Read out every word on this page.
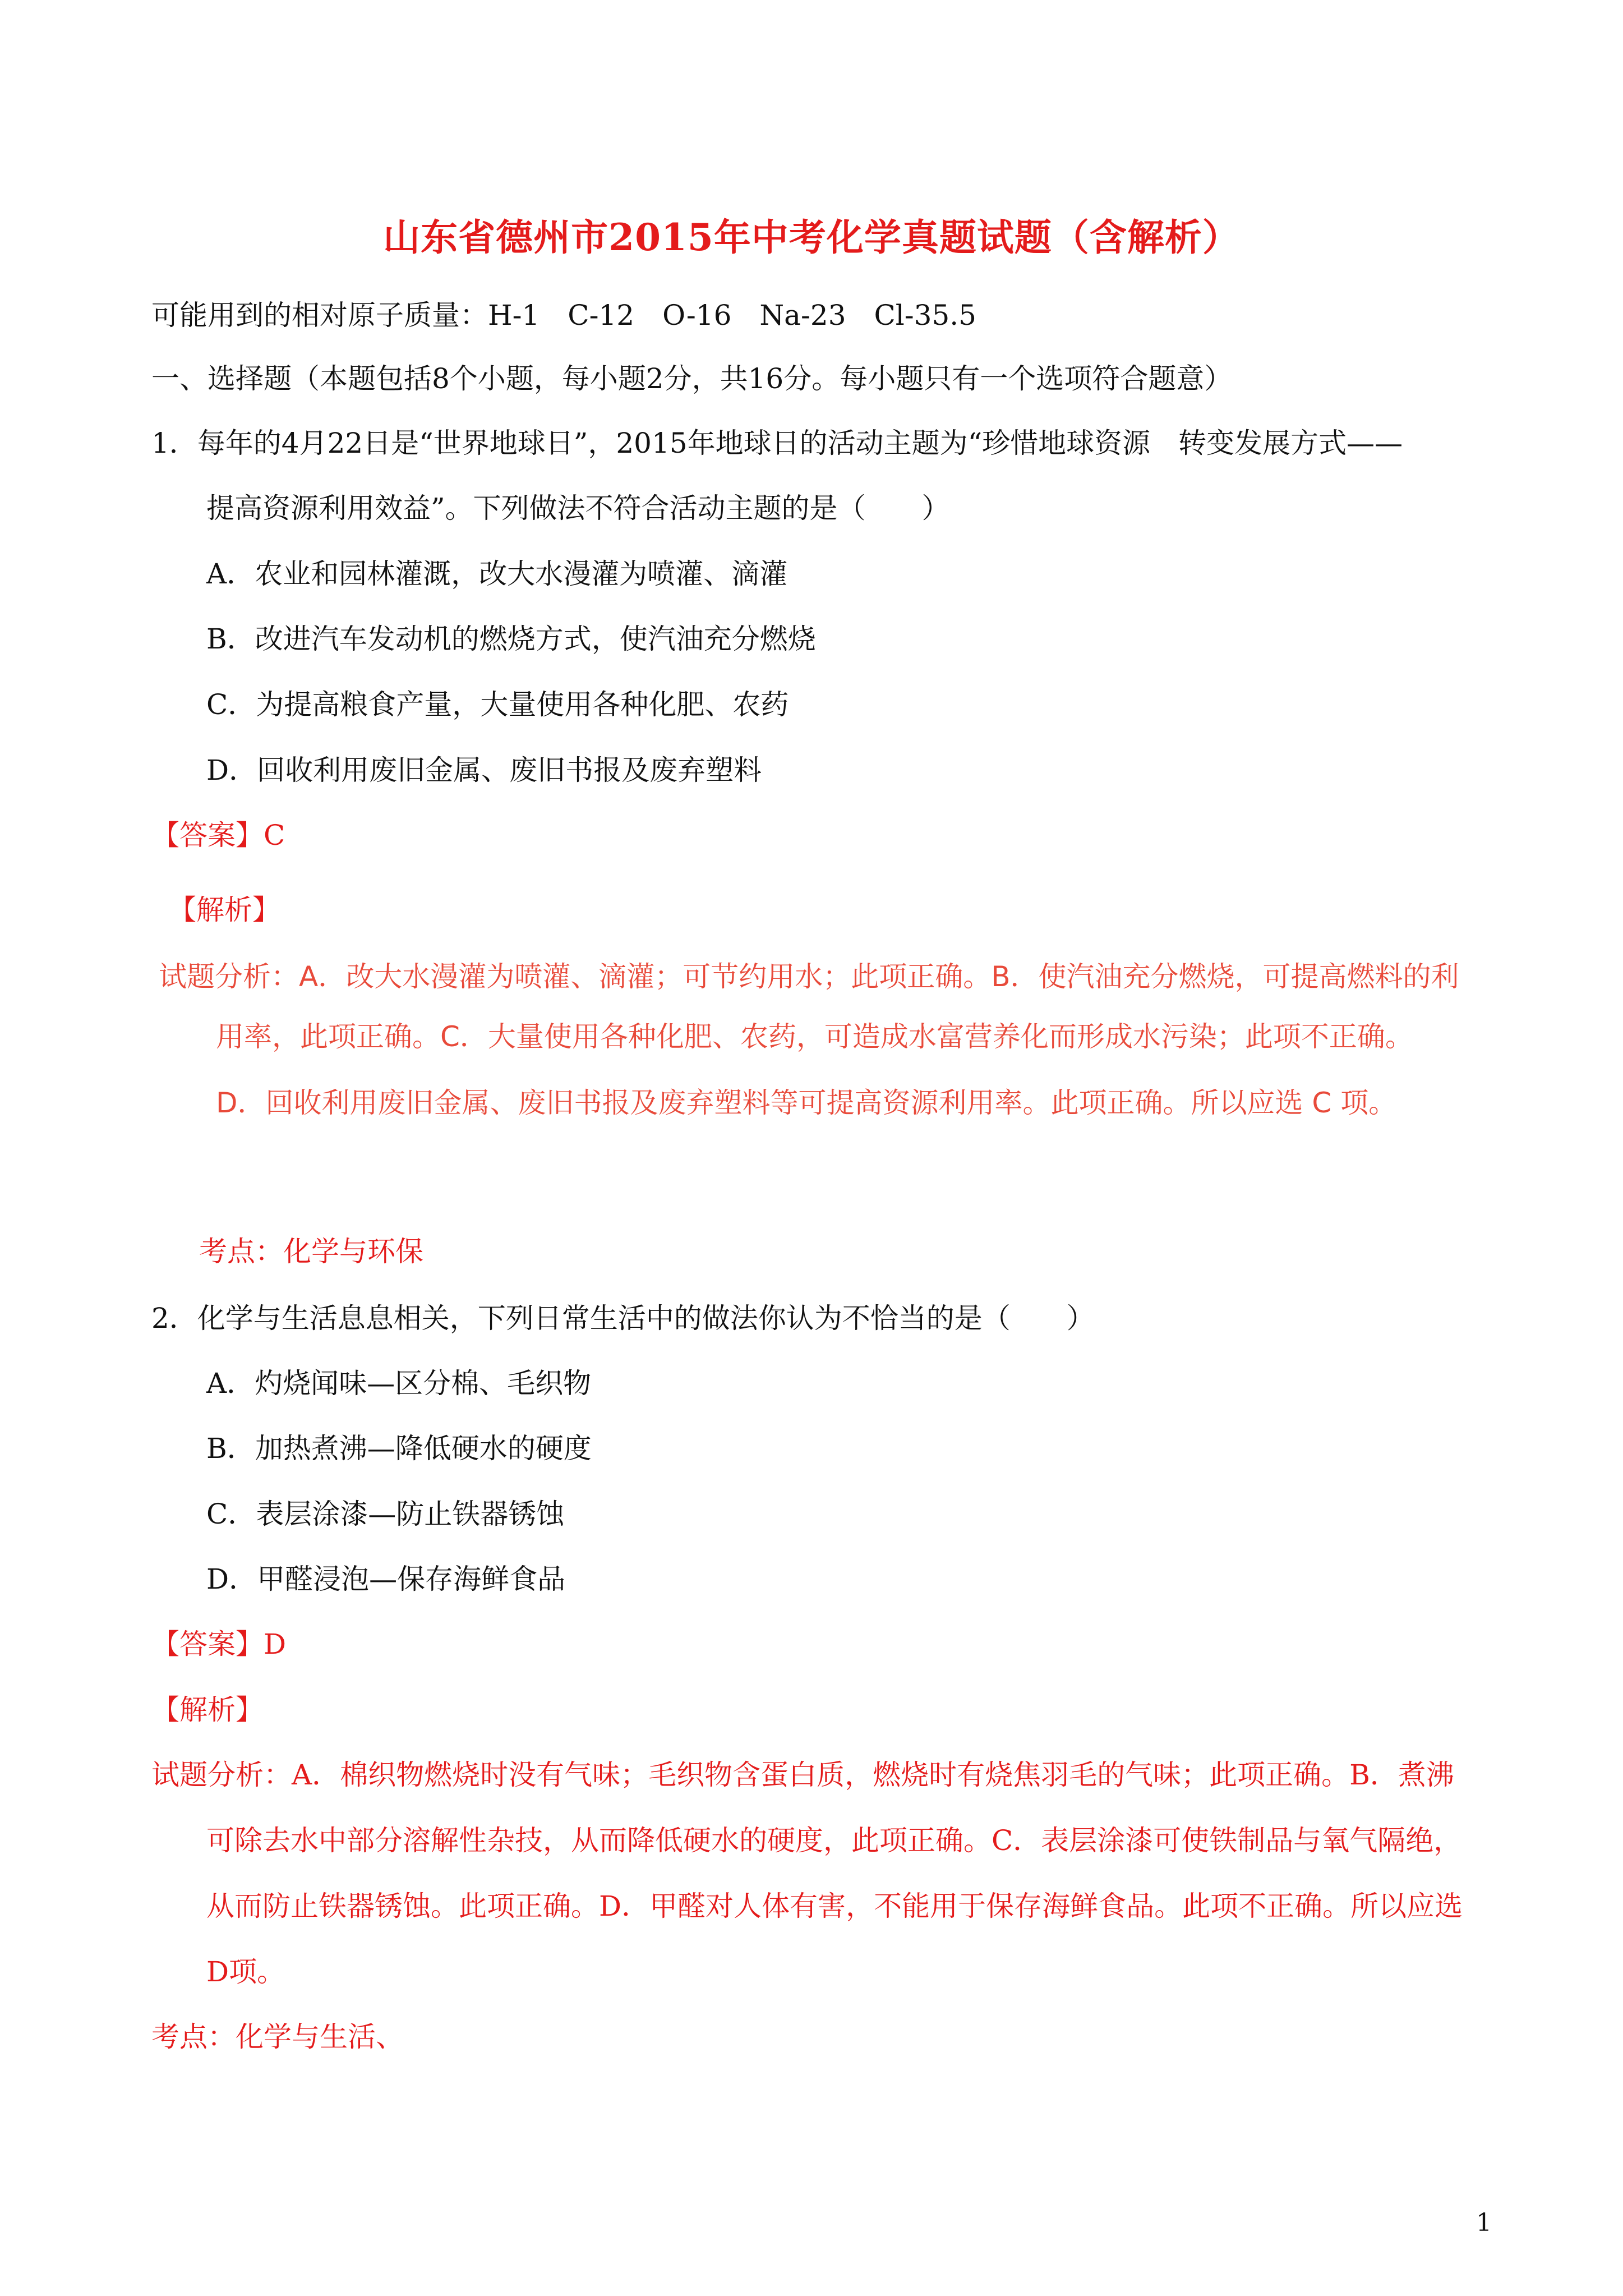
山东省德州市2015年中考化学真题试题（含解析）
可能用到的相对原子质量：H-1　C-12　O-16　Na-23　Cl-35.5
一、选择题（本题包括8个小题，每小题2分，共16分。每小题只有一个选项符合题意）
1．每年的4月22日是“世界地球日”，2015年地球日的活动主题为“珍惜地球资源　转变发展方式——
提高资源利用效益”。下列做法不符合活动主题的是（　　）
A．农业和园林灌溉，改大水漫灌为喷灌、滴灌
B．改进汽车发动机的燃烧方式，使汽油充分燃烧
C．为提高粮食产量，大量使用各种化肥、农药
D．回收利用废旧金属、废旧书报及废弃塑料
【答案】C
【解析】
试题分析：A．改大水漫灌为喷灌、滴灌；可节约用水；此项正确。B．使汽油充分燃烧，可提高燃料的利
用率，此项正确。C．大量使用各种化肥、农药，可造成水富营养化而形成水污染；此项不正确。
D．回收利用废旧金属、废旧书报及废弃塑料等可提高资源利用率。此项正确。所以应选 C 项。
考点：化学与环保
2．化学与生活息息相关，下列日常生活中的做法你认为不恰当的是（　　）
A．灼烧闻味—区分棉、毛织物
B．加热煮沸—降低硬水的硬度
C．表层涂漆—防止铁器锈蚀
D．甲醛浸泡—保存海鲜食品
【答案】D
【解析】
试题分析：A．棉织物燃烧时没有气味；毛织物含蛋白质，燃烧时有烧焦羽毛的气味；此项正确。B．煮沸
可除去水中部分溶解性杂技，从而降低硬水的硬度，此项正确。C．表层涂漆可使铁制品与氧气隔绝，
从而防止铁器锈蚀。此项正确。D．甲醛对人体有害，不能用于保存海鲜食品。此项不正确。所以应选
D项。
考点：化学与生活、
1
